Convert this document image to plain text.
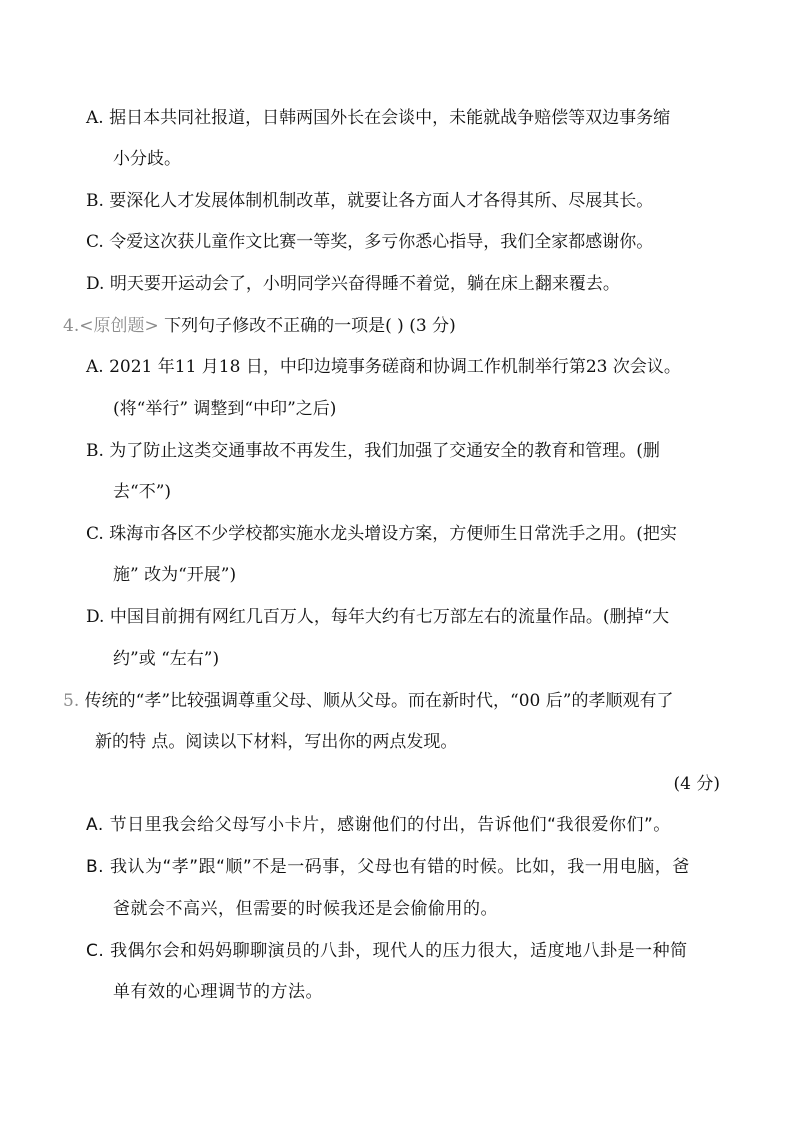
A. 据日本共同社报道，日韩两国外长在会谈中，未能就战争赔偿等双边事务缩
小分歧。
B. 要深化人才发展体制机制改革，就要让各方面人才各得其所、尽展其长。
C. 令爱这次获儿童作文比赛一等奖，多亏你悉心指导，我们全家都感谢你。
D. 明天要开运动会了，小明同学兴奋得睡不着觉，躺在床上翻来覆去。
4.<原创题> 下列句子修改不正确的一项是( ) (3 分)
A. 2021 年11 月18 日，中印边境事务磋商和协调工作机制举行第23 次会议。
(将“举行” 调整到“中印”之后)
B. 为了防止这类交通事故不再发生，我们加强了交通安全的教育和管理。(删
去“不”)
C. 珠海市各区不少学校都实施水龙头增设方案，方便师生日常洗手之用。(把实
施” 改为“开展”)
D. 中国目前拥有网红几百万人，每年大约有七万部左右的流量作品。(删掉“大
约”或 “左右”)
5. 传统的“孝”比较强调尊重父母、顺从父母。而在新时代，“00 后”的孝顺观有了
新的特 点。阅读以下材料，写出你的两点发现。
(4 分)
A. 节日里我会给父母写小卡片，感谢他们的付出，告诉他们“我很爱你们”。
B. 我认为“孝”跟“顺”不是一码事，父母也有错的时候。比如，我一用电脑，爸
爸就会不高兴，但需要的时候我还是会偷偷用的。
C. 我偶尔会和妈妈聊聊演员的八卦，现代人的压力很大，适度地八卦是一种简
单有效的心理调节的方法。
